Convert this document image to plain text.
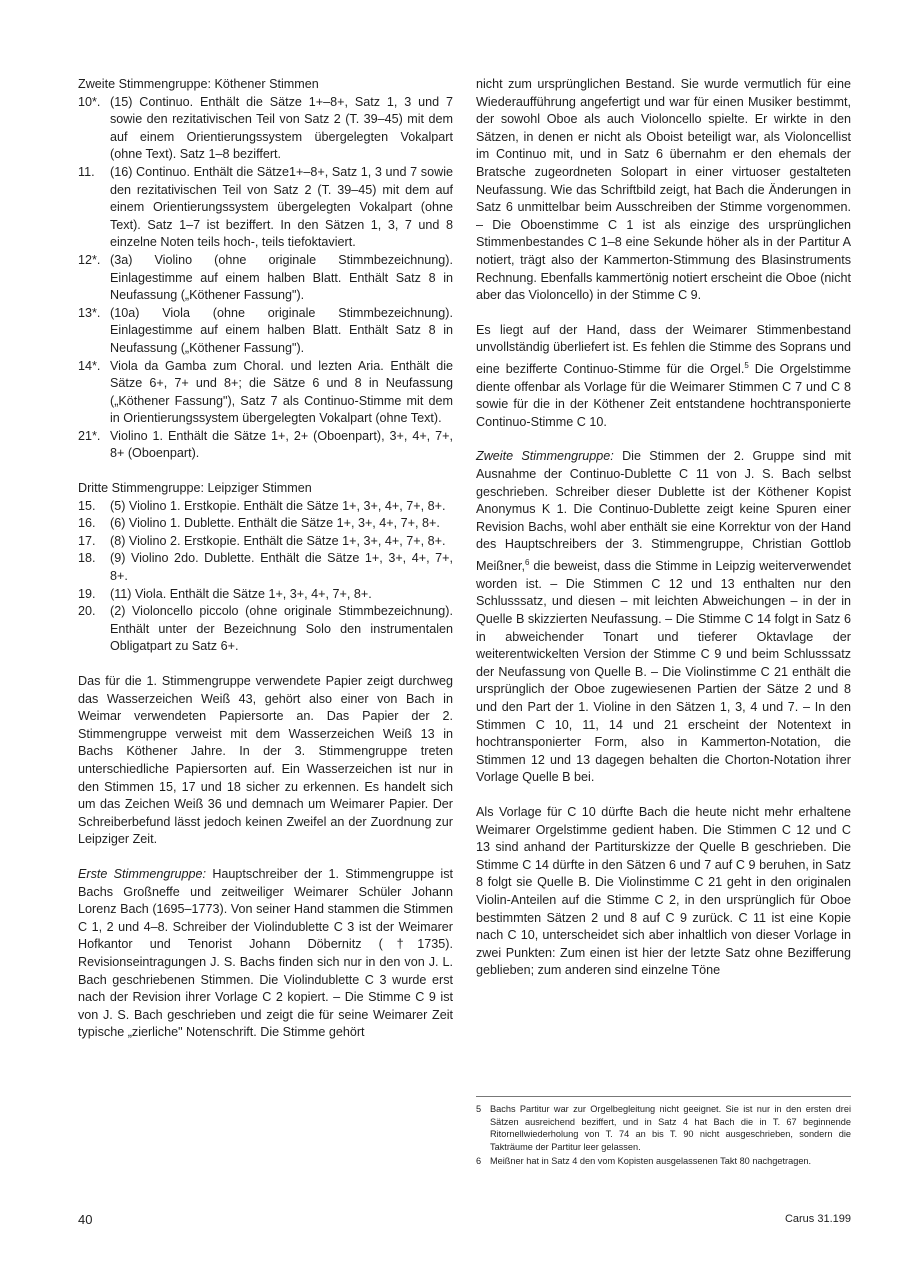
Zweite Stimmengruppe: Köthener Stimmen

10*. (15) Continuo. Enthält die Sätze 1+–8+, Satz 1, 3 und 7 sowie den rezitativischen Teil von Satz 2 (T. 39–45) mit dem auf einem Orientierungssystem übergelegten Vokalpart (ohne Text). Satz 1–8 beziffert.
11.	(16) Continuo. Enthält die Sätze1+–8+, Satz 1, 3 und 7 sowie den rezitativischen Teil von Satz 2 (T. 39–45) mit dem auf einem Orientierungssystem übergelegten Vokalpart (ohne Text). Satz 1–7 ist beziffert. In den Sätzen 1, 3, 7 und 8 einzelne Noten teils hoch-, teils tiefoktaviert.
12*. (3a) Violino (ohne originale Stimmbezeichnung). Einlagestimme auf einem halben Blatt. Enthält Satz 8 in Neufassung („Köthener Fassung").
13*. (10a) Viola (ohne originale Stimmbezeichnung). Einlagestimme auf einem halben Blatt. Enthält Satz 8 in Neufassung („Köthener Fassung").
14*. Viola da Gamba zum Choral. und lezten Aria. Enthält die Sätze 6+, 7+ und 8+; die Sätze 6 und 8 in Neufassung („Köthener Fassung"), Satz 7 als Continuo-Stimme mit dem in Orientierungssystem übergelegten Vokalpart (ohne Text).
21*. Violino 1. Enthält die Sätze 1+, 2+ (Oboenpart), 3+, 4+, 7+, 8+ (Oboenpart).

Dritte Stimmengruppe: Leipziger Stimmen

15.	(5) Violino 1. Erstkopie. Enthält die Sätze 1+, 3+, 4+, 7+, 8+.
16.	(6) Violino 1. Dublette. Enthält die Sätze 1+, 3+, 4+, 7+, 8+.
17.	(8) Violino 2. Erstkopie. Enthält die Sätze 1+, 3+, 4+, 7+, 8+.
18.	(9) Violino 2do. Dublette. Enthält die Sätze 1+, 3+, 4+, 7+, 8+.
19.	(11) Viola. Enthält die Sätze 1+, 3+, 4+, 7+, 8+.
20.	(2) Violoncello piccolo (ohne originale Stimmbezeichnung). Enthält unter der Bezeichnung Solo den instrumentalen Obligatpart zu Satz 6+.

Das für die 1. Stimmengruppe verwendete Papier zeigt durchweg das Wasserzeichen Weiß 43, gehört also einer von Bach in Weimar verwendeten Papiersorte an. Das Papier der 2. Stimmengruppe verweist mit dem Wasserzeichen Weiß 13 in Bachs Köthener Jahre. In der 3. Stimmengruppe treten unterschiedliche Papiersorten auf. Ein Wasserzeichen ist nur in den Stimmen 15, 17 und 18 sicher zu erkennen. Es handelt sich um das Zeichen Weiß 36 und demnach um Weimarer Papier. Der Schreiberbefund lässt jedoch keinen Zweifel an der Zuordnung zur Leipziger Zeit.

Erste Stimmengruppe: Hauptschreiber der 1. Stimmengruppe ist Bachs Großneffe und zeitweiliger Weimarer Schüler Johann Lorenz Bach (1695–1773). Von seiner Hand stammen die Stimmen C 1, 2 und 4–8. Schreiber der Violindublette C 3 ist der Weimarer Hofkantor und Tenorist Johann Döbernitz (†1735). Revisionseintragungen J. S. Bachs finden sich nur in den von J. L. Bach geschriebenen Stimmen. Die Violindublette C 3 wurde erst nach der Revision ihrer Vorlage C 2 kopiert. – Die Stimme C 9 ist von J. S. Bach geschrieben und zeigt die für seine Weimarer Zeit typische „zierliche" Notenschrift. Die Stimme gehört

nicht zum ursprünglichen Bestand. Sie wurde vermutlich für eine Wiederaufführung angefertigt und war für einen Musiker bestimmt, der sowohl Oboe als auch Violoncello spielte. Er wirkte in den Sätzen, in denen er nicht als Oboist beteiligt war, als Violoncellist im Continuo mit, und in Satz 6 übernahm er den ehemals der Bratsche zugeordneten Solopart in einer virtuoser gestalteten Neufassung. Wie das Schriftbild zeigt, hat Bach die Änderungen in Satz 6 unmittelbar beim Ausschreiben der Stimme vorgenommen. – Die Oboenstimme C 1 ist als einzige des ursprünglichen Stimmenbestandes C 1–8 eine Sekunde höher als in der Partitur A notiert, trägt also der Kammerton-Stimmung des Blasinstruments Rechnung. Ebenfalls kammertönig notiert erscheint die Oboe (nicht aber das Violoncello) in der Stimme C 9.

Es liegt auf der Hand, dass der Weimarer Stimmenbestand unvollständig überliefert ist. Es fehlen die Stimme des Soprans und eine bezifferte Continuo-Stimme für die Orgel.$^5$ Die Orgelstimme diente offenbar als Vorlage für die Weimarer Stimmen C 7 und C 8 sowie für die in der Köthener Zeit entstandene hochtransponierte Continuo-Stimme C 10.

Zweite Stimmengruppe: Die Stimmen der 2. Gruppe sind mit Ausnahme der Continuo-Dublette C 11 von J. S. Bach selbst geschrieben. Schreiber dieser Dublette ist der Köthener Kopist Anonymus K 1. Die Continuo-Dublette zeigt keine Spuren einer Revision Bachs, wohl aber enthält sie eine Korrektur von der Hand des Hauptschreibers der 3. Stimmengruppe, Christian Gottlob Meißner,$^6$ die beweist, dass die Stimme in Leipzig weiterverwendet worden ist. – Die Stimmen C 12 und 13 enthalten nur den Schlusssatz, und diesen – mit leichten Abweichungen – in der in Quelle B skizzierten Neufassung. – Die Stimme C 14 folgt in Satz 6 in abweichender Tonart und tieferer Oktavlage der weiterentwickelten Version der Stimme C 9 und beim Schlusssatz der Neufassung von Quelle B. – Die Violinstimme C 21 enthält die ursprünglich der Oboe zugewiesenen Partien der Sätze 2 und 8 und den Part der 1. Violine in den Sätzen 1, 3, 4 und 7. – In den Stimmen C 10, 11, 14 und 21 erscheint der Notentext in hochtransponierter Form, also in Kammerton-Notation, die Stimmen 12 und 13 dagegen behalten die Chorton-Notation ihrer Vorlage Quelle B bei.

Als Vorlage für C 10 dürfte Bach die heute nicht mehr erhaltene Weimarer Orgelstimme gedient haben. Die Stimmen C 12 und C 13 sind anhand der Partiturskizze der Quelle B geschrieben. Die Stimme C 14 dürfte in den Sätzen 6 und 7 auf C 9 beruhen, in Satz 8 folgt sie Quelle B. Die Violinstimme C 21 geht in den originalen Violin-Anteilen auf die Stimme C 2, in den ursprünglich für Oboe bestimmten Sätzen 2 und 8 auf C 9 zurück. C 11 ist eine Kopie nach C 10, unterscheidet sich aber inhaltlich von dieser Vorlage in zwei Punkten: Zum einen ist hier der letzte Satz ohne Bezifferung geblieben; zum anderen sind einzelne Töne

5 Bachs Partitur war zur Orgelbegleitung nicht geeignet. Sie ist nur in den ersten drei Sätzen ausreichend beziffert, und in Satz 4 hat Bach die in T. 67 beginnende Ritornellwiederholung von T. 74 an bis T. 90 nicht ausgeschrieben, sondern die Takträume der Partitur leer gelassen.
6 Meißner hat in Satz 4 den vom Kopisten ausgelassenen Takt 80 nachgetragen.
40	Carus 31.199
